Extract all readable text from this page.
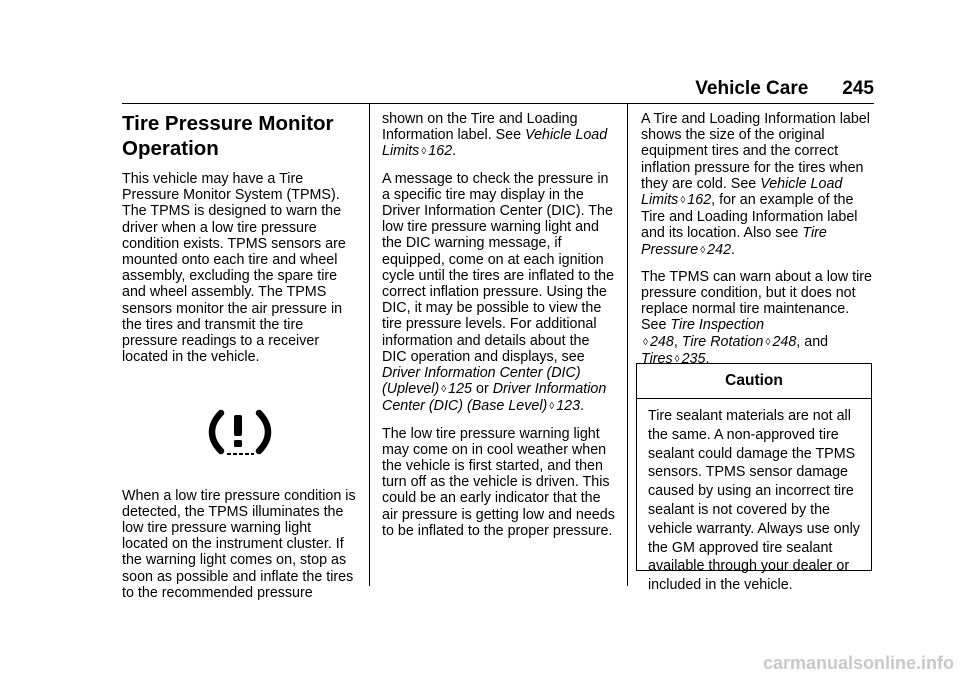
Vehicle Care 245
Tire Pressure Monitor
Operation

This vehicle may have a Tire Pressure Monitor System (TPMS). The TPMS is designed to warn the driver when a low tire pressure condition exists. TPMS sensors are mounted onto each tire and wheel assembly, excluding the spare tire and wheel assembly. The TPMS sensors monitor the air pressure in the tires and transmit the tire pressure readings to a receiver located in the vehicle.

When a low tire pressure condition is detected, the TPMS illuminates the low tire pressure warning light located on the instrument cluster. If the warning light comes on, stop as soon as possible and inflate the tires to the recommended pressure

shown on the Tire and Loading Information label. See Vehicle Load Limits ◊ 162.

A message to check the pressure in a specific tire may display in the Driver Information Center (DIC). The low tire pressure warning light and the DIC warning message, if equipped, come on at each ignition cycle until the tires are inflated to the correct inflation pressure. Using the DIC, it may be possible to view the tire pressure levels. For additional information and details about the DIC operation and displays, see Driver Information Center (DIC) (Uplevel) ◊ 125 or Driver Information Center (DIC) (Base Level) ◊ 123.

The low tire pressure warning light may come on in cool weather when the vehicle is first started, and then turn off as the vehicle is driven. This could be an early indicator that the air pressure is getting low and needs to be inflated to the proper pressure.

A Tire and Loading Information label shows the size of the original equipment tires and the correct inflation pressure for the tires when they are cold. See Vehicle Load Limits ◊ 162, for an example of the Tire and Loading Information label and its location. Also see Tire Pressure ◊ 242.

The TPMS can warn about a low tire pressure condition, but it does not replace normal tire maintenance. See Tire Inspection
◊ 248, Tire Rotation ◊ 248, and Tires ◊ 235.

Caution
Tire sealant materials are not all the same. A non-approved tire sealant could damage the TPMS sensors. TPMS sensor damage caused by using an incorrect tire sealant is not covered by the vehicle warranty. Always use only the GM approved tire sealant available through your dealer or included in the vehicle.
carmanualsonline.info
